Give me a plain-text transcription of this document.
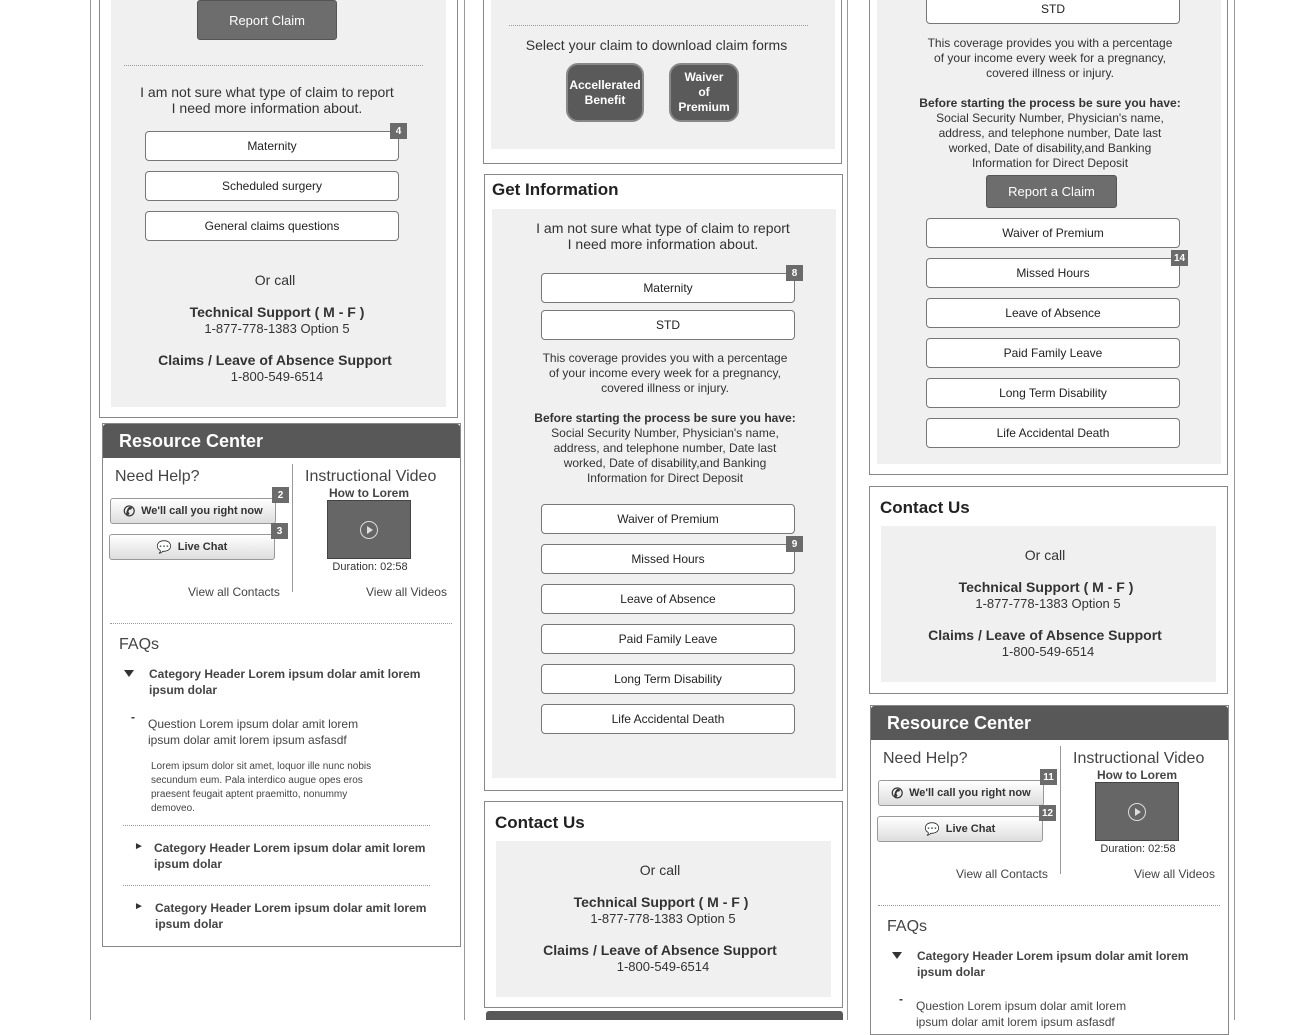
Report Claim
I am not sure what type of claim to report
I need more information about.
Maternity
4
Scheduled surgery
General claims questions
Or call
Technical Support ( M - F )
1-877-778-1383 Option 5
Claims / Leave of Absence Support
1-800-549-6514
Resource Center
Need Help?
✆ We'll call you right now
2
💬 Live Chat
3
Instructional Video
How to Lorem
Duration: 02:58
View all Contacts	View all Videos
FAQs
Category Header Lorem ipsum dolar amit lorem
ipsum dolar
- Question Lorem ipsum dolar amit lorem
ipsum dolar amit lorem ipsum asfasdf
Lorem ipsum dolor sit amet, loquor ille nunc nobis
secundum eum. Pala interdico augue opes eros
praesent feugait aptent praemitto, nonummy
demoveo.
► Category Header Lorem ipsum dolar amit lorem
ipsum dolar
► Category Header Lorem ipsum dolar amit lorem
ipsum dolar
Select your claim to download claim forms
Accellerated
Benefit
Waiver
of
Premium
Get Information
I am not sure what type of claim to report
I need more information about.
Maternity
8
STD
This coverage provides you with a percentage
of your income every week for a pregnancy,
covered illness or injury.
Before starting the process be sure you have:
Social Security Number, Physician's name,
address, and telephone number, Date last
worked, Date of disability,and Banking
Information for Direct Deposit
Waiver of Premium
Missed Hours
9
Leave of Absence
Paid Family Leave
Long Term Disability
Life Accidental Death
Contact Us
Or call
Technical Support ( M - F )
1-877-778-1383 Option 5
Claims / Leave of Absence Support
1-800-549-6514
STD
This coverage provides you with a percentage
of your income every week for a pregnancy,
covered illness or injury.
Before starting the process be sure you have:
Social Security Number, Physician's name,
address, and telephone number, Date last
worked, Date of disability,and Banking
Information for Direct Deposit
Report a Claim
Waiver of Premium
Missed Hours
14
Leave of Absence
Paid Family Leave
Long Term Disability
Life Accidental Death
Contact Us
Or call
Technical Support ( M - F )
1-877-778-1383 Option 5
Claims / Leave of Absence Support
1-800-549-6514
Resource Center
Need Help?
✆ We'll call you right now
11
💬 Live Chat
12
Instructional Video
How to Lorem
Duration: 02:58
View all Contacts	View all Videos
FAQs
Category Header Lorem ipsum dolar amit lorem
ipsum dolar
- Question Lorem ipsum dolar amit lorem
ipsum dolar amit lorem ipsum asfasdf
